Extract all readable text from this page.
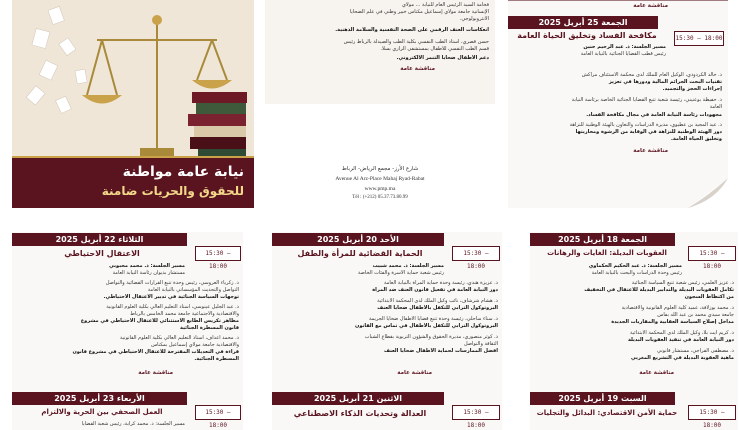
نيابة عامة مواطنة
للحقوق والحريات ضامنة
فخامة السيد الرئيس العام للنيابة ... مولاي
الإنسانية جامعة مولاي إسماعيل مكناس خبير وطني في علم الضحايا
الأنثروبولوجي.
انعكاسات العنف الرقمي على الصحة النفسية والسلامة الذهنية.
حسن قصري، أستاذ الطب النفسي بكلية الطب والصيدلة بالرباط رئيس
قسم الطب النفسي للأطفال بمستشفى الرازي بسلا.
دعم الأطفال ضحايا التنمر الالكتروني.
مناقشة عامة
شارع الأرز- مجمع الرياض- الرباط
Avenue Al Arz-Place Mahaj Ryad-Rabat
www.pmp.ma
Tél : (+212) 05.37.73.80.99
مناقشة عامة
الجمعة 25 أبريل 2025
15:30 – 18:00
مكافحة الفساد وتخليق الحياة العامة
مسير الجلسة: ذ. عبد الرحيم حنين
رئيس قطب القضايا الجنائية بالنيابة العامة
ذ. خالد الكردودي، الوكيل العام للملك لدى محكمة الاستئناف مراكش
تقنيات البحث الجرائم المالية ودورها في تعزيز
إجراءات الحجز والتجميد.
ذ. حفيظة بوعنيني، رئيسة شعبة تتبع القضايا الجنائية الخاصة برئاسة النيابة
العامة
مجهودات رئاسة النيابة العامة في مجال مكافحة الفساد.
ذ. عبد المجيد بن عطيوي، مديرة الدراسات والتعاون بالهيئة الوطنية للنزاهة
دور الهيئة الوطنية للنزاهة في الوقاية من الرشوة ومحاربتها
وتخليق الحياة العامة.
مناقشة عامة
الثلاثاء 22 أبريل 2025
15:30 – 18:00
الاعتقال الاحتياطي
مسير الجلسة: ذ. محمد محبوبي
مستشار بديوان رئاسة النيابة العامة
ذ. زكرياء العروسي، رئيس وحدة تتبع القرارات القضائية والتواصل
التواصل والتحديث المؤسساتي بالنيابة العامة
توجهات السياسة الجنائية في تدبير الاعتقال الاحتياطي.
ذ. عبد الجليل عينوسي، أستاذ التعليم العالي بكلية العلوم القانونية
والاقتصادية والاجتماعية جامعة محمد الخامس بالرباط
مظاهر تكريس الطابع الاستثنائي للاعتقال الاحتياطي في مشروع
قانون المسطرة الجنائية
ذ. محمد أعداف، أستاذ التعليم العالي بكلية العلوم القانونية
والاقتصادية جامعة مولاي إسماعيل بمكناس
قراءة في التعديلات المقترحة للاعتقال الاحتياطي في مشروع قانون
المسطرة الجنائية.
مناقشة عامة
الأحد 20 أبريل 2025
15:30 – 18:00
الحماية القضائية للمرأة والطفل
مسير الجلسة: ذ. محمد شبيب
رئيس شعبة حماية الأسرة والفئات الخاصة
ذ. عزيزة هندي، رئيسة وحدة حماية المرأة بالنيابة العامة
دور النيابة العامة في تفعيل قانون العنف ضد المرأة
ذ. هشام شرشاف، نائب وكيل الملك لدى المحكمة الابتدائية
البروتوكول الترابي للتكفل بالأطفال ضحايا العنف
ذ. سناء ساحلي، رئيسة وحدة تتبع قضايا الأطفال ضحايا الجريمة
البروتوكول الترابي للتكفل بالأطفال في تماس مع القانون
ذ. كوثر منصوري، مديرة الحقوق والشؤون التربوية بقطاع الشباب
الثقافة والتواصل
أفضل الممارسات لحماية الأطفال ضحايا العنف
مناقشة عامة
الجمعة 18 أبريل 2025
15:30 – 18:00
العقوبات البديلة: الغايات والرهانات
مسير الجلسة: ذ. عبد الحكيم الحكماوي
رئيس وحدة الدراسات والبحث بالنيابة العامة
ذ. عزيز العلمي، رئيس شعبة تتبع السياسة الجنائية
تكامل العقوبات البديلة والتدابير البديلة للاعتقال في التخفيف
من اكتظاظ السجون
ذ. محمد بوزلافة، عميد كلية العلوم القانونية والاقتصادية
جامعة سيدي محمد بن عبد الله بفاس
مداخل إصلاح السياسة العقابية والمقاربات الجديدة
ذ. كريم آيت بلا، وكيل الملك لدى المحكمة الابتدائية
دور النيابة العامة في تنفيذ العقوبات البديلة
ذ. مصطفى الفراجي، مستشار قانوني
ماهية العقوبة البديلة في التشريع المغربي
مناقشة عامة
الأربعاء 23 أبريل 2025
15:30 – 18:00
العمل الصحفي بين الحرية والالتزام
مسير الجلسة: ذ. محمد كرابة، رئيس شعبة القضايا
الاثنين 21 أبريل 2025
15:30 – 18:00
العدالة وتحديات الذكاء الاصطناعي
السبت 19 أبريل 2025
15:30 – 18:00
حماية الأمن الاقتصادي: البدائل والتجليات
